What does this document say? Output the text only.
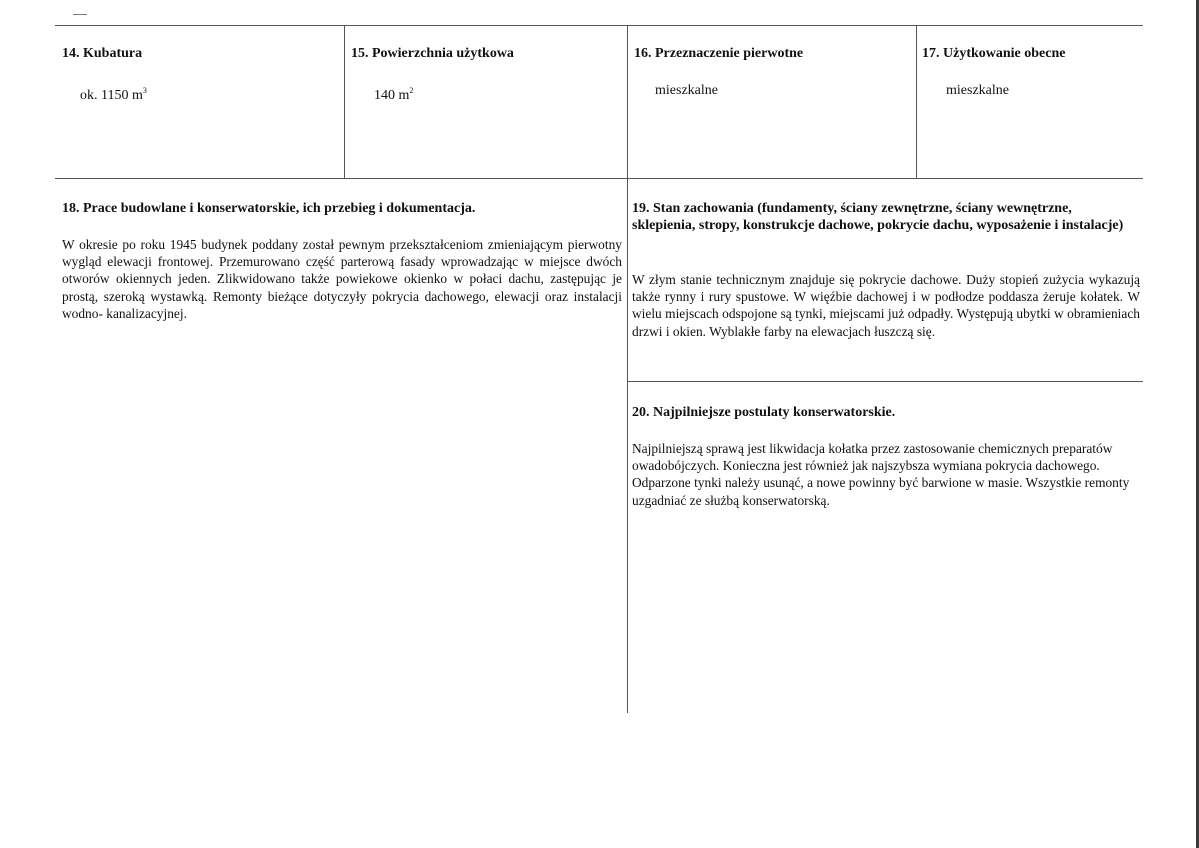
14. Kubatura
ok. 1150 $m^3$
15. Powierzchnia użytkowa
140 $m^2$
16. Przeznaczenie pierwotne
mieszkalne
17. Użytkowanie obecne
mieszkalne
18. Prace budowlane i konserwatorskie, ich przebieg i dokumentacja.

W okresie po roku 1945 budynek poddany został pewnym przekształceniom zmieniającym pierwotny wygląd elewacji frontowej. Przemurowano część parterową fasady wprowadzając w miejsce dwóch otworów okiennych jeden. Zlikwidowano także powiekowe okienko w połaci dachu, zastępując je prostą, szeroką wystawką. Remonty bieżące dotyczyły pokrycia dachowego, elewacji oraz instalacji wodno- kanalizacyjnej.

19. Stan zachowania (fundamenty, ściany zewnętrzne, ściany wewnętrzne, sklepienia, stropy, konstrukcje dachowe, pokrycie dachu, wyposażenie i instalacje)

W złym stanie technicznym znajduje się pokrycie dachowe. Duży stopień zużycia wykazują także rynny i rury spustowe. W więźbie dachowej i w podłodze poddasza żeruje kołatek. W wielu miejscach odspojone są tynki, miejscami już odpadły. Występują ubytki w obramieniach drzwi i okien. Wyblakłe farby na elewacjach łuszczą się.

20. Najpilniejsze postulaty konserwatorskie.

Najpilniejszą sprawą jest likwidacja kołatka przez zastosowanie chemicznych preparatów owadobójczych. Konieczna jest również jak najszybsza wymiana pokrycia dachowego. Odparzone tynki należy usunąć, a nowe powinny być barwione w masie. Wszystkie remonty uzgadniać ze służbą konserwatorską.
